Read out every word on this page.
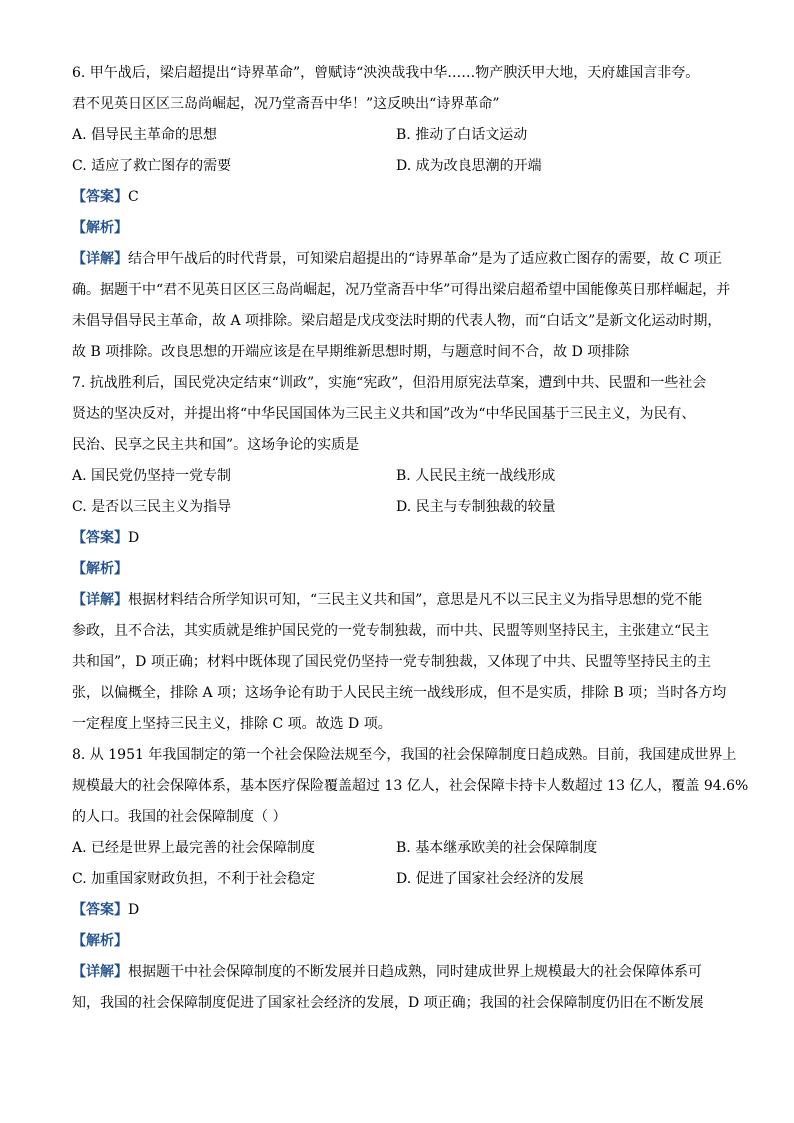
6. 甲午战后，梁启超提出“诗界革命”，曾赋诗“泱泱哉我中华……物产腴沃甲大地，天府雄国言非夸。
君不见英日区区三岛尚崛起，况乃堂斋吾中华！”这反映出“诗界革命”
A. 倡导民主革命的思想	B. 推动了白话文运动
C. 适应了救亡图存的需要	D. 成为改良思潮的开端
【答案】C
【解析】
【详解】结合甲午战后的时代背景，可知梁启超提出的“诗界革命”是为了适应救亡图存的需要，故 C 项正
确。据题干中“君不见英日区区三岛尚崛起，况乃堂斋吾中华”可得出梁启超希望中国能像英日那样崛起，并
未倡导倡导民主革命，故 A 项排除。梁启超是戊戌变法时期的代表人物，而“白话文”是新文化运动时期，
故 B 项排除。改良思想的开端应该是在早期维新思想时期，与题意时间不合，故 D 项排除
7. 抗战胜利后，国民党决定结束“训政”，实施“宪政”，但沿用原宪法草案，遭到中共、民盟和一些社会
贤达的坚决反对，并提出将“中华民国国体为三民主义共和国”改为“中华民国基于三民主义，为民有、
民治、民享之民主共和国”。这场争论的实质是
A. 国民党仍坚持一党专制	B. 人民民主统一战线形成
C. 是否以三民主义为指导	D. 民主与专制独裁的较量
【答案】D
【解析】
【详解】根据材料结合所学知识可知，“三民主义共和国”，意思是凡不以三民主义为指导思想的党不能
参政，且不合法，其实质就是维护国民党的一党专制独裁，而中共、民盟等则坚持民主，主张建立“民主
共和国”，D 项正确；材料中既体现了国民党仍坚持一党专制独裁，又体现了中共、民盟等坚持民主的主
张，以偏概全，排除 A 项；这场争论有助于人民民主统一战线形成，但不是实质，排除 B 项；当时各方均
一定程度上坚持三民主义，排除 C 项。故选 D 项。
8. 从 1951 年我国制定的第一个社会保险法规至今，我国的社会保障制度日趋成熟。目前，我国建成世界上
规模最大的社会保障体系，基本医疗保险覆盖超过 13 亿人，社会保障卡持卡人数超过 13 亿人，覆盖 94.6%
的人口。我国的社会保障制度（ ）
A. 已经是世界上最完善的社会保障制度	B. 基本继承欧美的社会保障制度
C. 加重国家财政负担，不利于社会稳定	D. 促进了国家社会经济的发展
【答案】D
【解析】
【详解】根据题干中社会保障制度的不断发展并日趋成熟，同时建成世界上规模最大的社会保障体系可
知，我国的社会保障制度促进了国家社会经济的发展，D 项正确；我国的社会保障制度仍旧在不断发展
